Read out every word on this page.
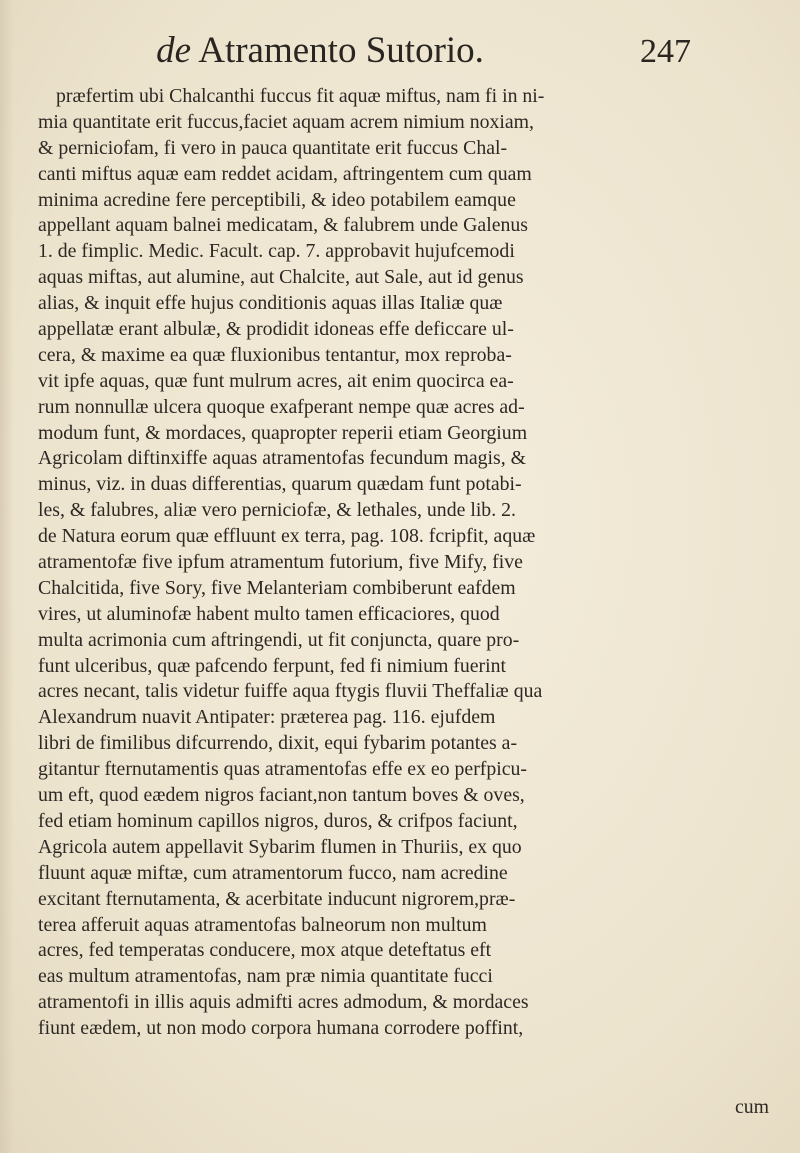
de Atramento Sutorio.	247
præfertim ubi Chalcanthi fuccus fit aquæ miftus, nam fi in ni-
mia quantitate erit fuccus,faciet aquam acrem nimium noxiam,
& perniciofam, fi vero in pauca quantitate erit fuccus Chal-
canti miftus aquæ eam reddet acidam, aftringentem cum quam
minima acredine fere perceptibili, & ideo potabilem eamque
appellant aquam balnei medicatam, & falubrem unde Galenus
1. de fimplic. Medic. Facult. cap. 7. approbavit hujufcemodi
aquas miftas, aut alumine, aut Chalcite, aut Sale, aut id genus
alias, & inquit effe hujus conditionis aquas illas Italiæ quæ
appellatæ erant albulæ, & prodidit idoneas effe deficcare ul-
cera, & maxime ea quæ fluxionibus tentantur, mox reproba-
vit ipfe aquas, quæ funt mulrum acres, ait enim quocirca ea-
rum nonnullæ ulcera quoque exafperant nempe quæ acres ad-
modum funt, & mordaces, quapropter reperii etiam Georgium
Agricolam diftinxiffe aquas atramentofas fecundum magis, &
minus, viz. in duas differentias, quarum quædam funt potabi-
les, & falubres, aliæ vero perniciofæ, & lethales, unde lib. 2.
de Natura eorum quæ effluunt ex terra, pag. 108. fcripfit, aquæ
atramentofæ five ipfum atramentum futorium, five Mify, five
Chalcitida, five Sory, five Melanteriam combiberunt eafdem
vires, ut aluminofæ habent multo tamen efficaciores, quod
multa acrimonia cum aftringendi, ut fit conjuncta, quare pro-
funt ulceribus, quæ pafcendo ferpunt, fed fi nimium fuerint
acres necant, talis videtur fuiffe aqua ftygis fluvii Theffaliæ qua
Alexandrum nuavit Antipater: præterea pag. 116. ejufdem
libri de fimilibus difcurrendo, dixit, equi fybarim potantes a-
gitantur fternutamentis quas atramentofas effe ex eo perfpicu-
um eft, quod eædem nigros faciant,non tantum boves & oves,
fed etiam hominum capillos nigros, duros, & crifpos faciunt,
Agricola autem appellavit Sybarim flumen in Thuriis, ex quo
fluunt aquæ miftæ, cum atramentorum fucco, nam acredine
excitant fternutamenta, & acerbitate inducunt nigrorem,præ-
terea afferuit aquas atramentofas balneorum non multum
acres, fed temperatas conducere, mox atque deteftatus eft
eas multum atramentofas, nam præ nimia quantitate fucci
atramentofi in illis aquis admifti acres admodum, & mordaces
fiunt eædem, ut non modo corpora humana corrodere poffint,
cum
